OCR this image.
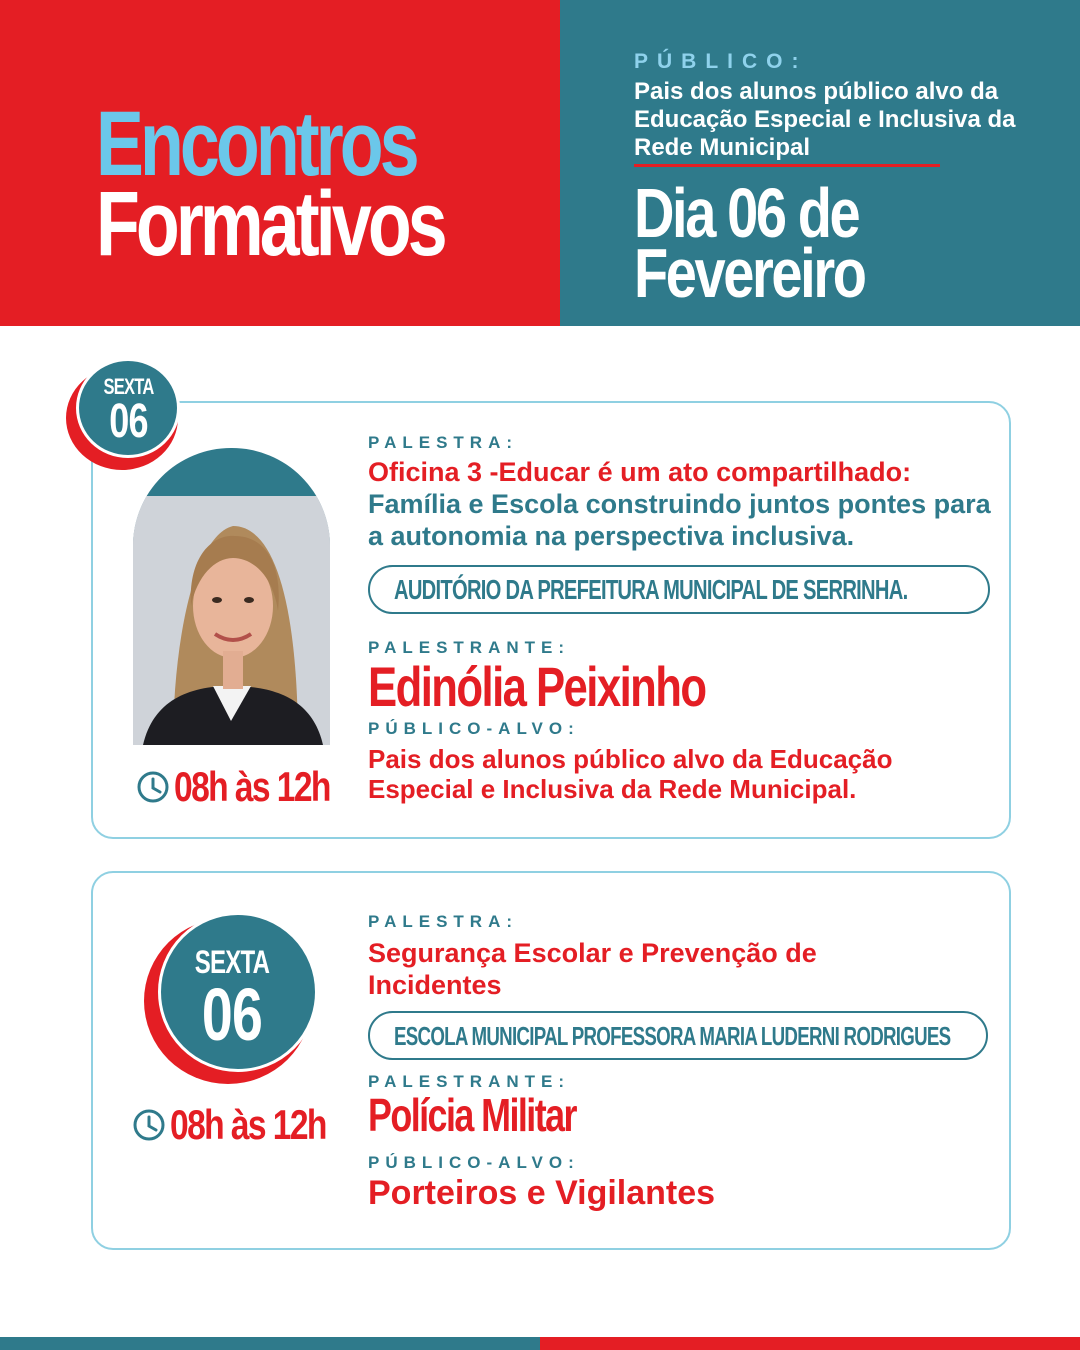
Encontros
Formativos
PÚBLICO:
Pais dos alunos público alvo da Educação Especial e Inclusiva da Rede Municipal
Dia 06 de
Fevereiro
SEXTA
06
08h às 12h
PALESTRA:
Oficina 3 -Educar é um ato compartilhado:
Família e Escola construindo juntos pontes para a autonomia na perspectiva inclusiva.
AUDITÓRIO DA PREFEITURA MUNICIPAL DE SERRINHA.
PALESTRANTE:
Edinólia Peixinho
PÚBLICO-ALVO:
Pais dos alunos público alvo da Educação Especial e Inclusiva da Rede Municipal.
SEXTA
06
08h às 12h
PALESTRA:
Segurança Escolar e Prevenção de Incidentes
ESCOLA MUNICIPAL PROFESSORA MARIA LUDERNI RODRIGUES
PALESTRANTE:
Polícia Militar
PÚBLICO-ALVO:
Porteiros e Vigilantes
